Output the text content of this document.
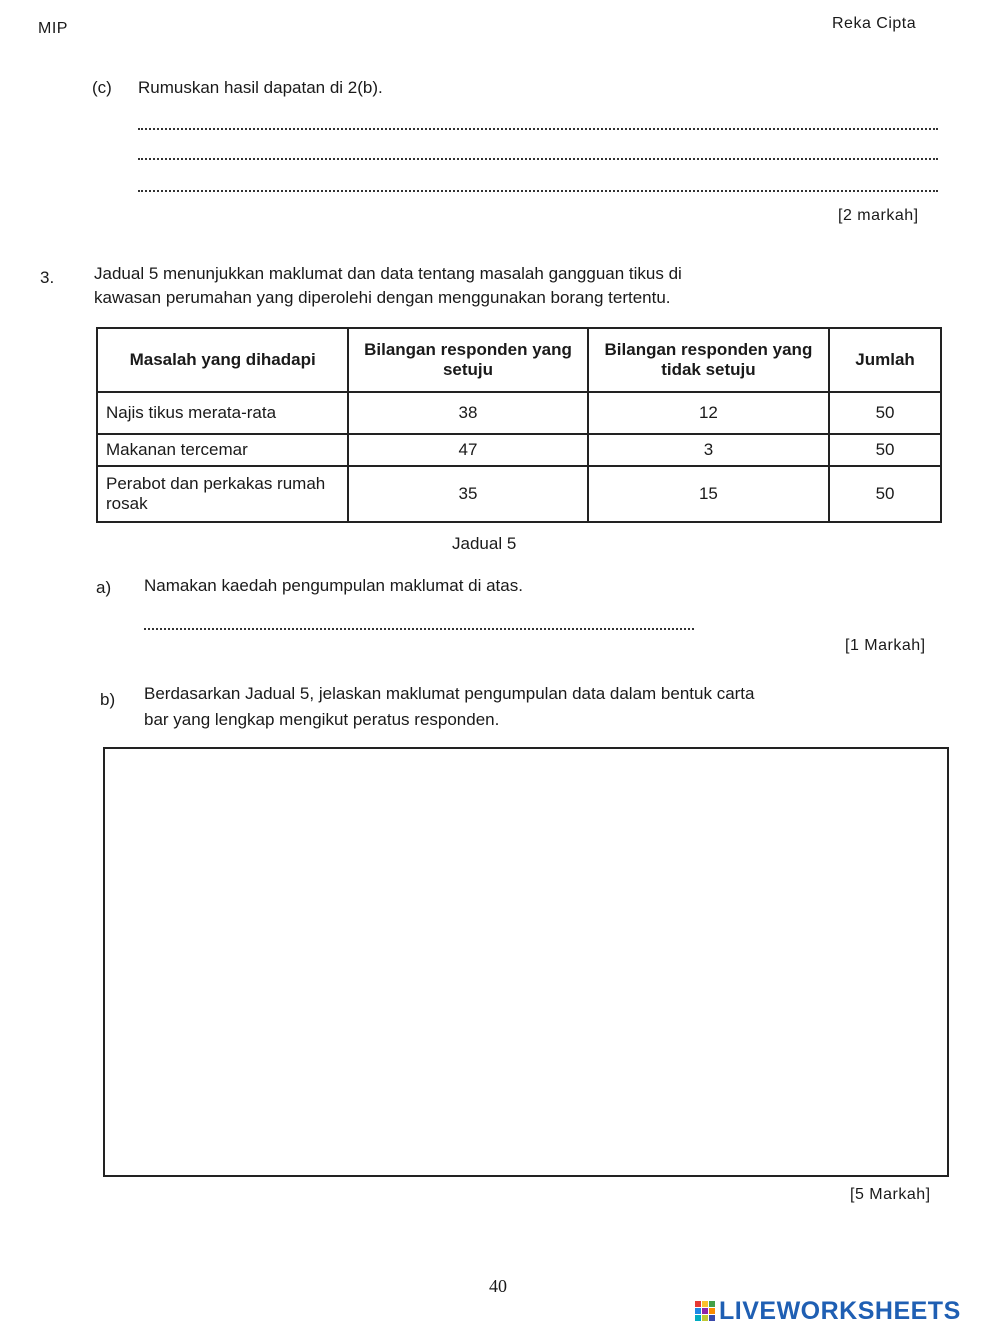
MIP	Reka Cipta
(c) Rumuskan hasil dapatan di 2(b).
[2 markah]
3. Jadual 5 menunjukkan maklumat dan data tentang masalah gangguan tikus di
kawasan perumahan yang diperolehi dengan menggunakan borang tertentu.
Masalah yang dihadapi	Bilangan responden yang setuju	Bilangan responden yang tidak setuju	Jumlah
Najis tikus merata-rata	38	12	50
Makanan tercemar	47	3	50
Perabot dan perkakas rumah rosak	35	15	50
Jadual 5
a) Namakan kaedah pengumpulan maklumat di atas.
[1 Markah]
b) Berdasarkan Jadual 5, jelaskan maklumat pengumpulan data dalam bentuk carta
bar yang lengkap mengikut peratus responden.
[5 Markah]
40
LIVEWORKSHEETS
